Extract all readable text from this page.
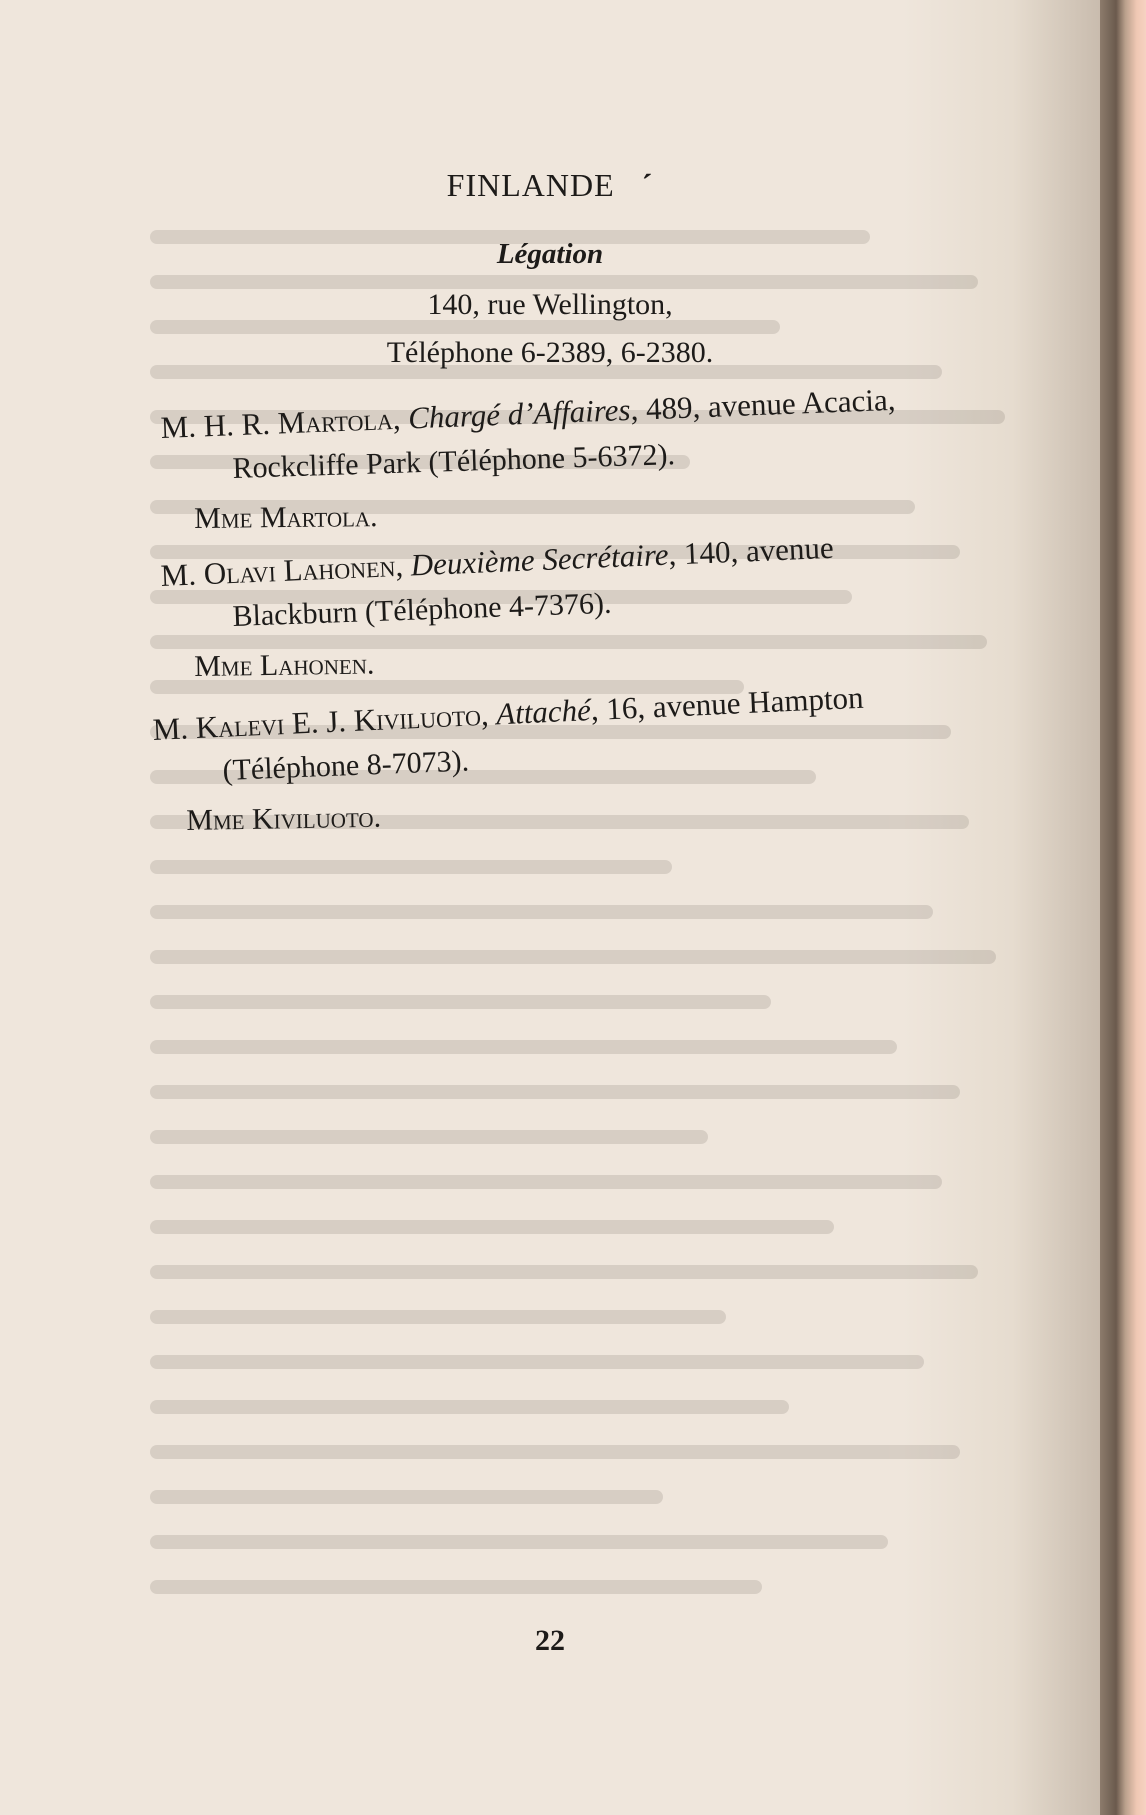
FINLANDE ´
Légation
140, rue Wellington,
Téléphone 6-2389, 6-2380.
M. H. R. Martola, Chargé d’Affaires, 489, avenue Acacia,
Rockcliffe Park (Téléphone 5-6372).
Mme Martola.
M. Olavi Lahonen, Deuxième Secrétaire, 140, avenue
Blackburn (Téléphone 4-7376).
Mme Lahonen.
M. Kalevi E. J. Kiviluoto, Attaché, 16, avenue Hampton
(Téléphone 8-7073).
Mme Kiviluoto.
22
